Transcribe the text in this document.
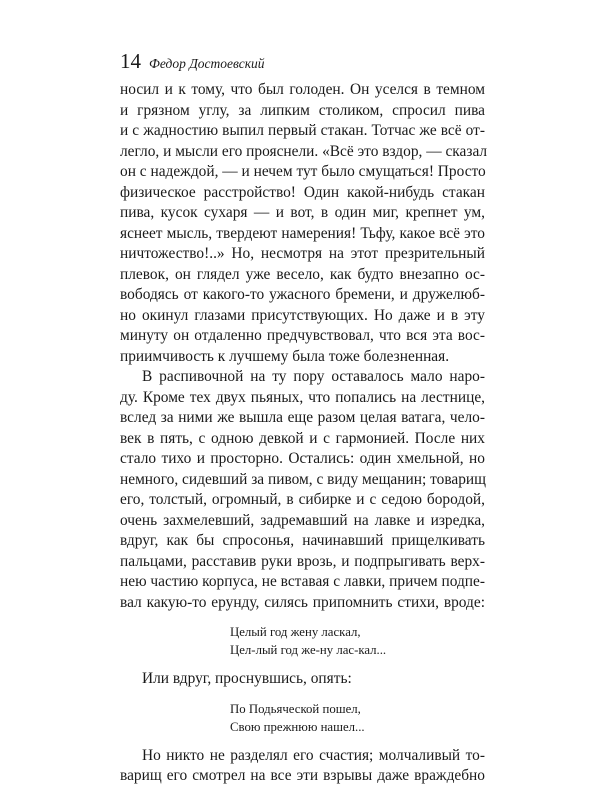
14 Федор Достоевский
носил и к тому, что был голоден. Он уселся в темном
и грязном углу, за липким столиком, спросил пива
и с жадностию выпил первый стакан. Тотчас же всё от-
легло, и мысли его прояснели. «Всё это вздор, — сказал
он с надеждой, — и нечем тут было смущаться! Просто
физическое расстройство! Один какой-нибудь стакан
пива, кусок сухаря — и вот, в один миг, крепнет ум,
яснеет мысль, твердеют намерения! Тьфу, какое всё это
ничтожество!..» Но, несмотря на этот презрительный
плевок, он глядел уже весело, как будто внезапно ос-
вободясь от какого-то ужасного бремени, и дружелюб-
но окинул глазами присутствующих. Но даже и в эту
минуту он отдаленно предчувствовал, что вся эта вос-
приимчивость к лучшему была тоже болезненная.
В распивочной на ту пору оставалось мало наро-
ду. Кроме тех двух пьяных, что попались на лестнице,
вслед за ними же вышла еще разом целая ватага, чело-
век в пять, с одною девкой и с гармонией. После них
стало тихо и просторно. Остались: один хмельной, но
немного, сидевший за пивом, с виду мещанин; товарищ
его, толстый, огромный, в сибирке и с седою бородой,
очень захмелевший, задремавший на лавке и изредка,
вдруг, как бы спросонья, начинавший прищелкивать
пальцами, расставив руки врозь, и подпрыгивать верх-
нею частию корпуса, не вставая с лавки, причем подпе-
вал какую-то ерунду, силясь припомнить стихи, вроде:
Целый год жену ласкал,
Цел-лый год же-ну лас-кал...
Или вдруг, проснувшись, опять:
По Подьяческой пошел,
Свою прежнюю нашел...
Но никто не разделял его счастия; молчаливый то-
варищ его смотрел на все эти взрывы даже враждебно
